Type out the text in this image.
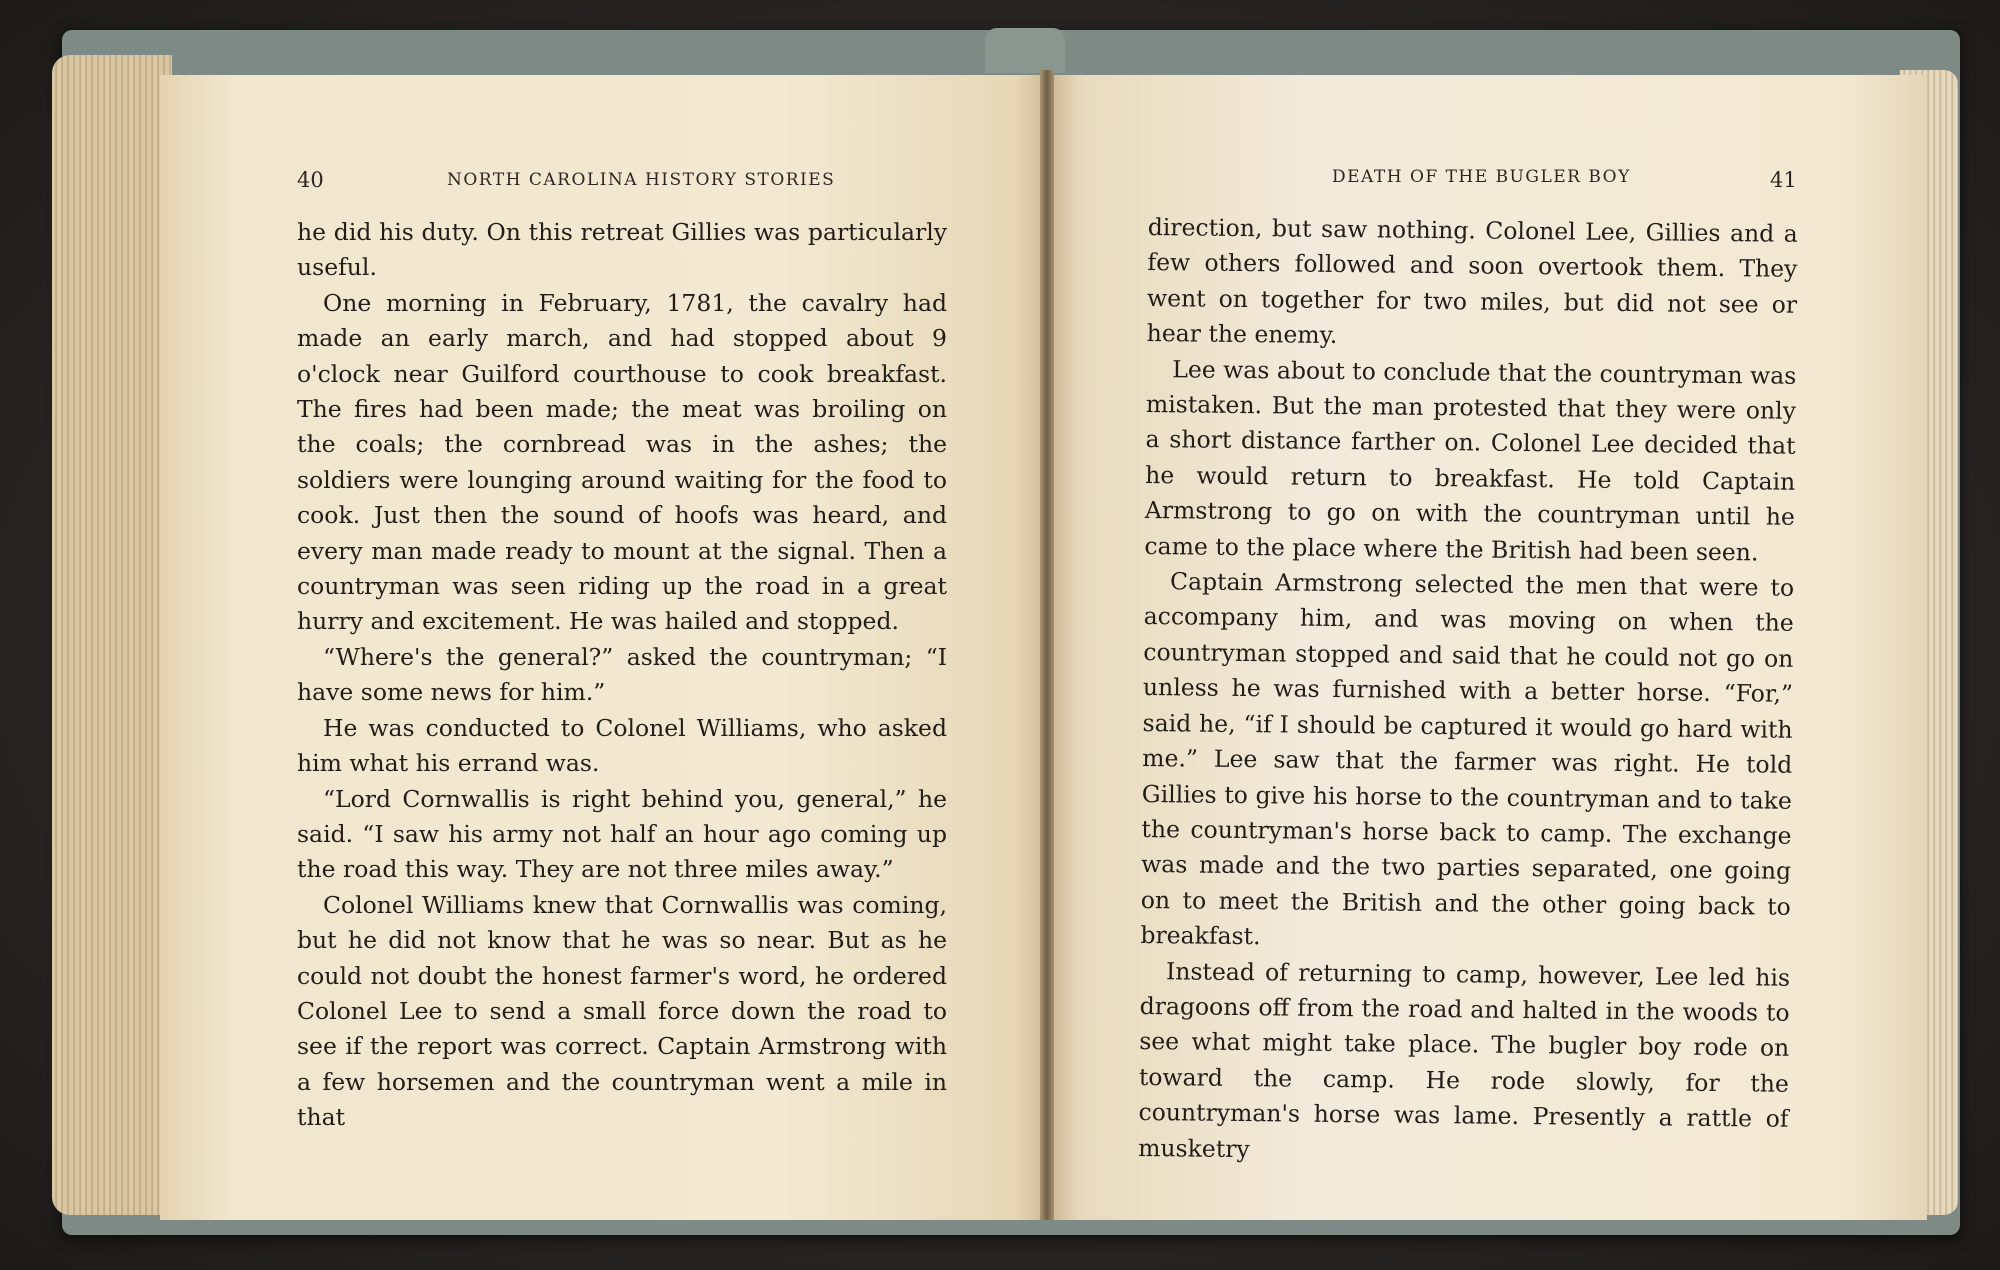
40	NORTH CAROLINA HISTORY STORIES	DEATH OF THE BUGLER BOY	41

he did his duty. On this retreat Gillies was particularly useful.

One morning in February, 1781, the cavalry had made an early march, and had stopped about 9 o'clock near Guilford courthouse to cook breakfast. The fires had been made; the meat was broiling on the coals; the cornbread was in the ashes; the soldiers were lounging around waiting for the food to cook. Just then the sound of hoofs was heard, and every man made ready to mount at the signal. Then a countryman was seen riding up the road in a great hurry and excitement. He was hailed and stopped.

“Where's the general?” asked the countryman; “I have some news for him.”

He was conducted to Colonel Williams, who asked him what his errand was.

“Lord Cornwallis is right behind you, general,” he said. “I saw his army not half an hour ago coming up the road this way. They are not three miles away.”

Colonel Williams knew that Cornwallis was coming, but he did not know that he was so near. But as he could not doubt the honest farmer's word, he ordered Colonel Lee to send a small force down the road to see if the report was correct. Captain Armstrong with a few horsemen and the countryman went a mile in that

direction, but saw nothing. Colonel Lee, Gillies and a few others followed and soon overtook them. They went on together for two miles, but did not see or hear the enemy.

Lee was about to conclude that the countryman was mistaken. But the man protested that they were only a short distance farther on. Colonel Lee decided that he would return to breakfast. He told Captain Armstrong to go on with the countryman until he came to the place where the British had been seen.

Captain Armstrong selected the men that were to accompany him, and was moving on when the countryman stopped and said that he could not go on unless he was furnished with a better horse. “For,” said he, “if I should be captured it would go hard with me.” Lee saw that the farmer was right. He told Gillies to give his horse to the countryman and to take the countryman's horse back to camp. The exchange was made and the two parties separated, one going on to meet the British and the other going back to breakfast.

Instead of returning to camp, however, Lee led his dragoons off from the road and halted in the woods to see what might take place. The bugler boy rode on toward the camp. He rode slowly, for the countryman's horse was lame. Presently a rattle of musketry
